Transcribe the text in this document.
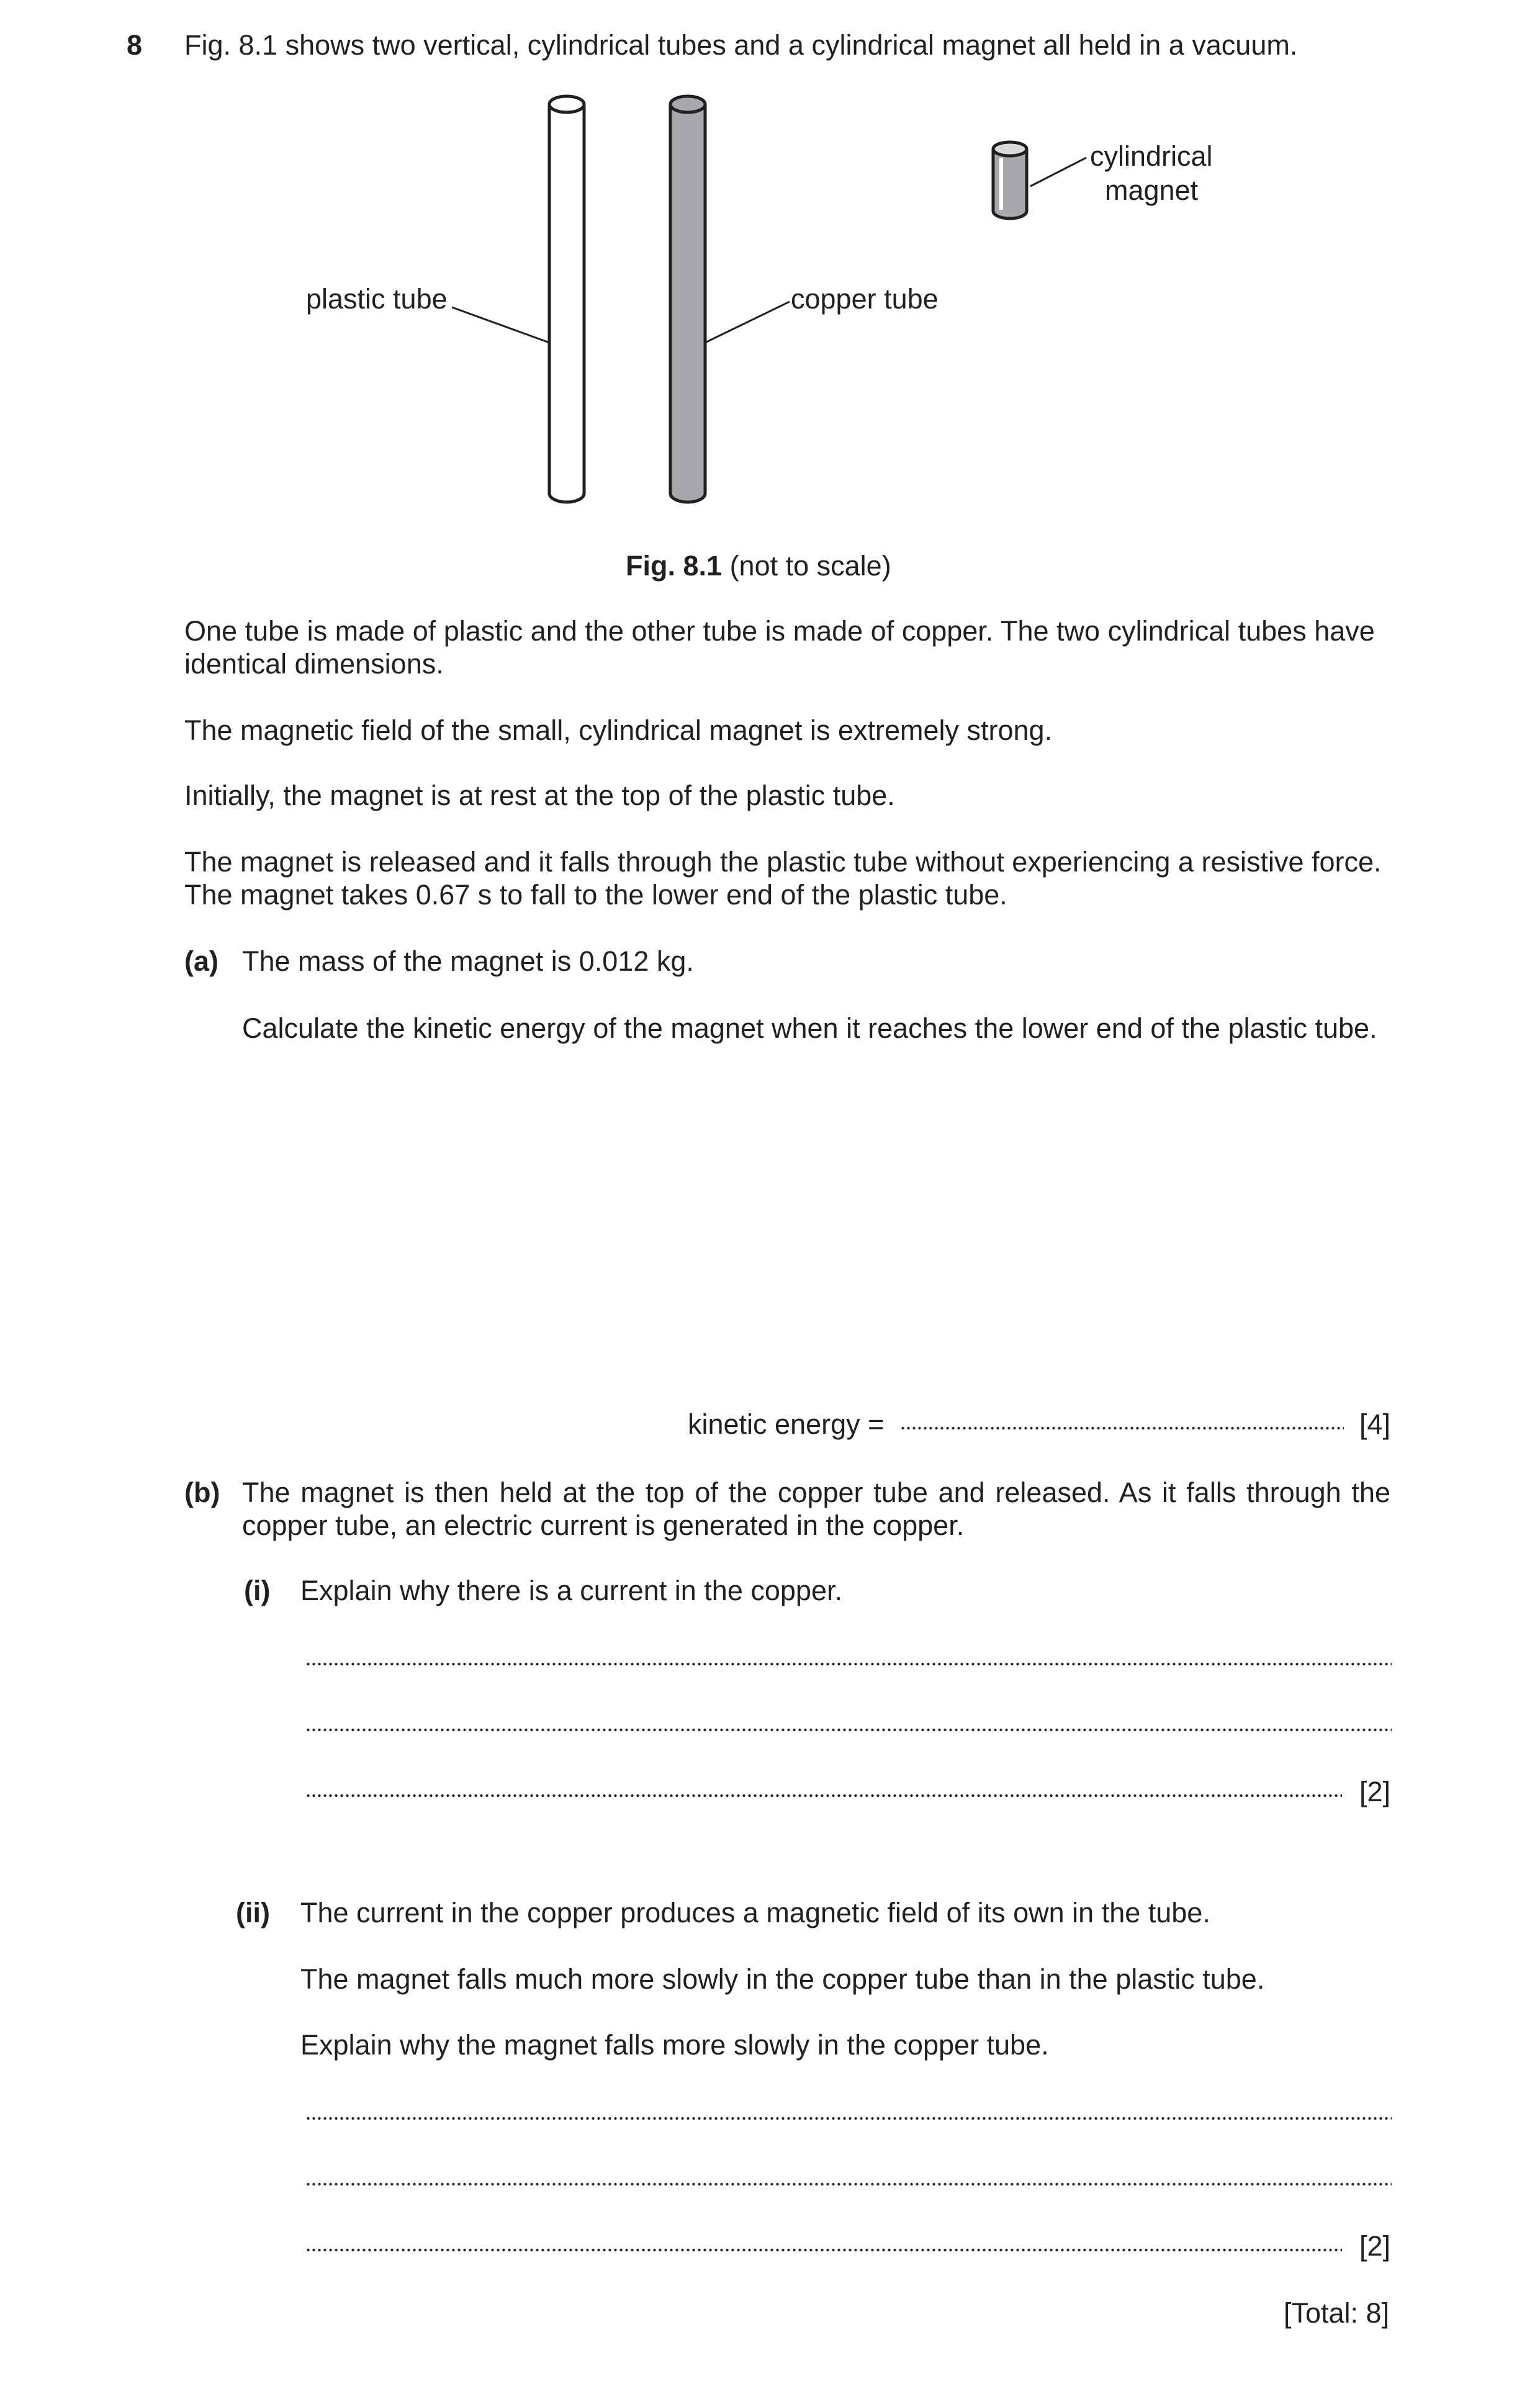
8 Fig. 8.1 shows two vertical, cylindrical tubes and a cylindrical magnet all held in a vacuum.
plastic tube	copper tube
cylindrical
magnet
Fig. 8.1 (not to scale)
One tube is made of plastic and the other tube is made of copper. The two cylindrical tubes have identical dimensions.
The magnetic field of the small, cylindrical magnet is extremely strong.
Initially, the magnet is at rest at the top of the plastic tube.
The magnet is released and it falls through the plastic tube without experiencing a resistive force. The magnet takes 0.67 s to fall to the lower end of the plastic tube.
(a) The mass of the magnet is 0.012 kg.
Calculate the kinetic energy of the magnet when it reaches the lower end of the plastic tube.
kinetic energy =	[4]
(b) The magnet is then held at the top of the copper tube and released. As it falls through the copper tube, an electric current is generated in the copper.
(i) Explain why there is a current in the copper.
[2]
(ii) The current in the copper produces a magnetic field of its own in the tube.
The magnet falls much more slowly in the copper tube than in the plastic tube.
Explain why the magnet falls more slowly in the copper tube.
[2]
[Total: 8]
